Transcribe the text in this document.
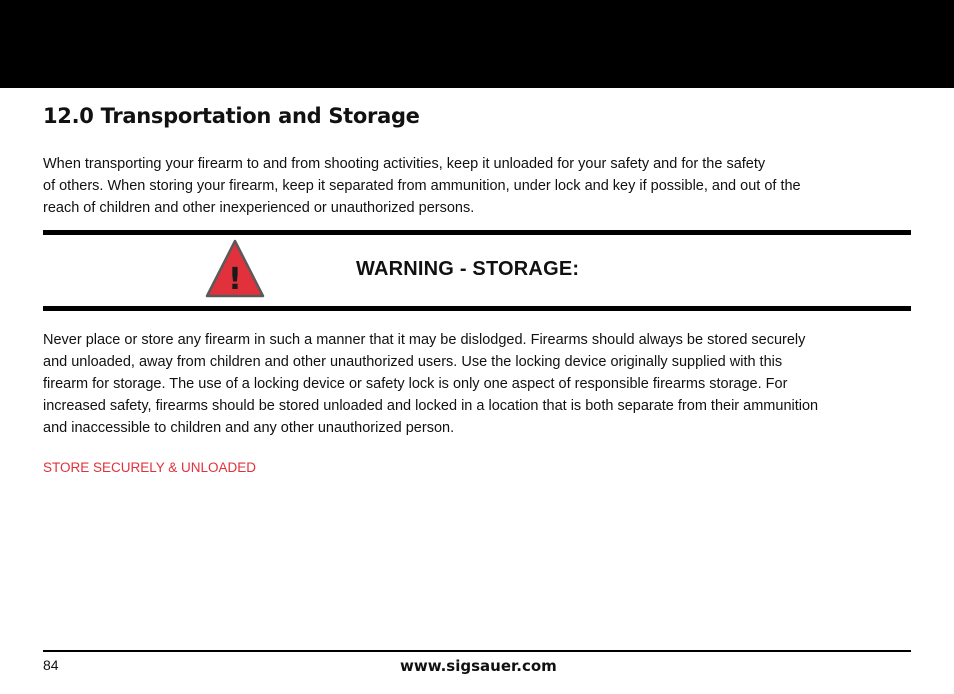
12.0 Transportation and Storage
When transporting your firearm to and from shooting activities, keep it unloaded for your safety and for the safety
of others. When storing your firearm, keep it separated from ammunition, under lock and key if possible, and out of the
reach of children and other inexperienced or unauthorized persons.
!	WARNING - STORAGE:
Never place or store any firearm in such a manner that it may be dislodged. Firearms should always be stored securely
and unloaded, away from children and other unauthorized users. Use the locking device originally supplied with this
firearm for storage. The use of a locking device or safety lock is only one aspect of responsible firearms storage. For
increased safety, firearms should be stored unloaded and locked in a location that is both separate from their ammunition
and inaccessible to children and any other unauthorized person.

STORE SECURELY & UNLOADED

84	www.sigsauer.com
